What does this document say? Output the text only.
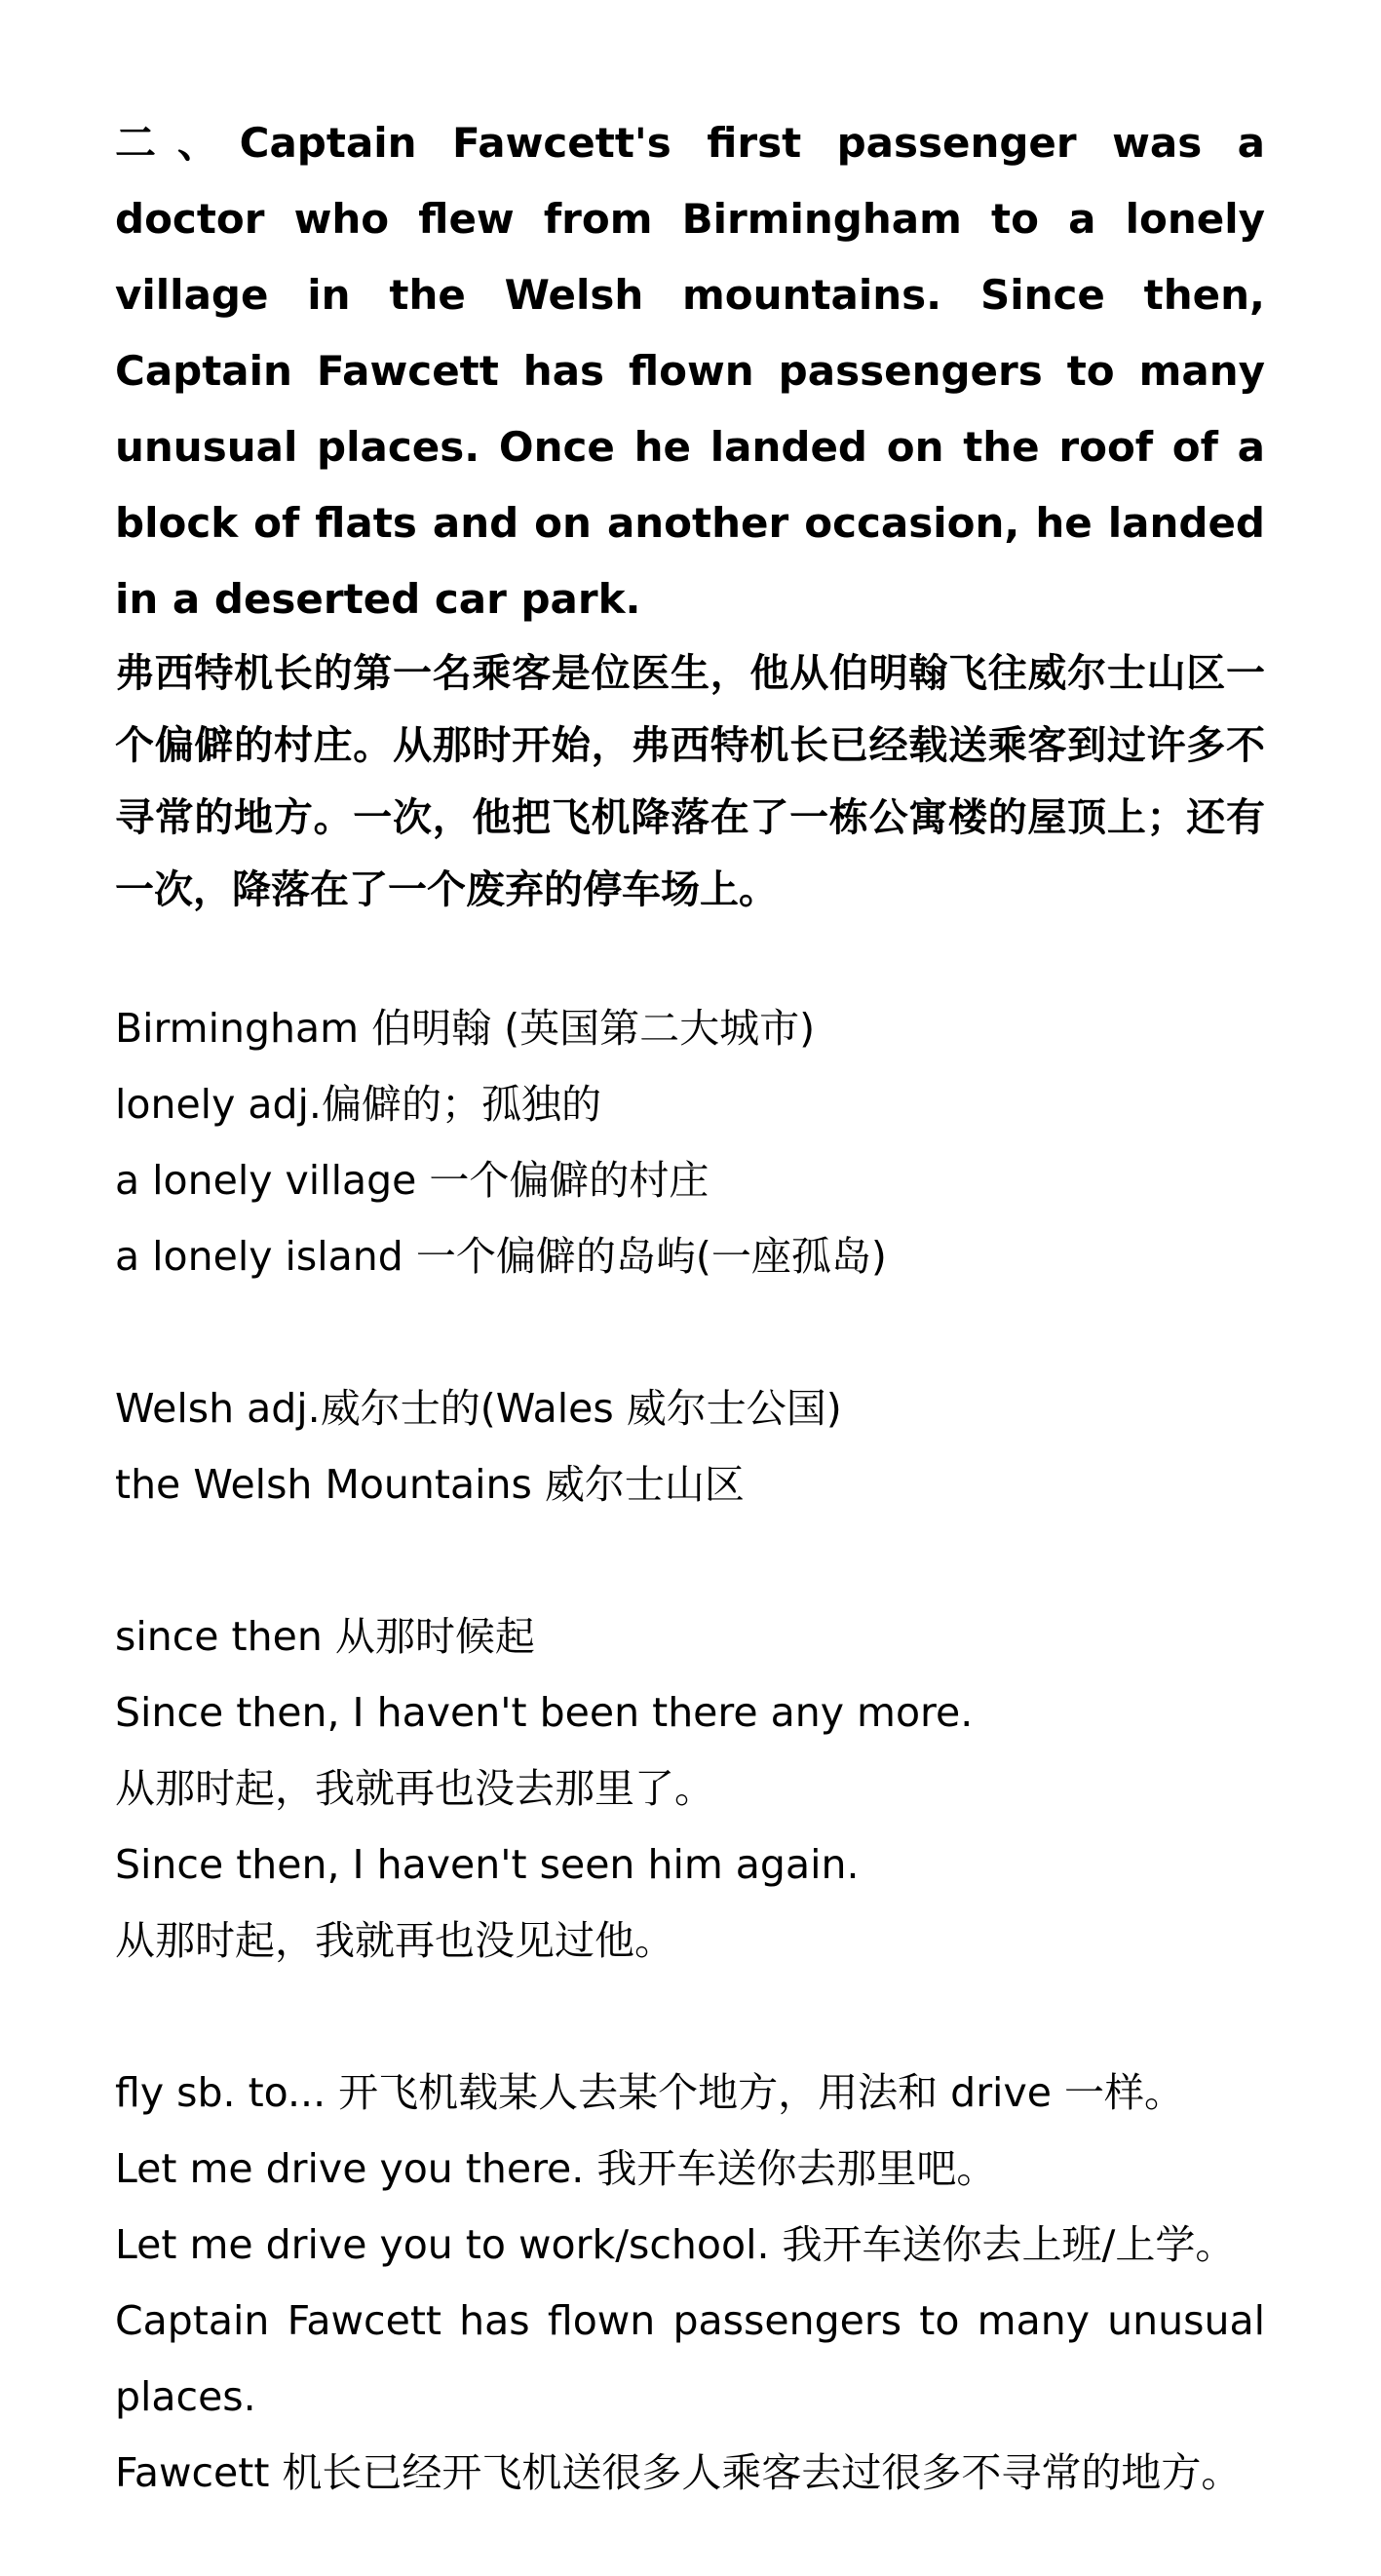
二、Captain Fawcett's first passenger was a doctor who flew from Birmingham to a lonely village in the Welsh mountains. Since then, Captain Fawcett has flown passengers to many unusual places. Once he landed on the roof of a block of flats and on another occasion, he landed in a deserted car park.

弗西特机长的第一名乘客是位医生，他从伯明翰飞往威尔士山区一个偏僻的村庄。从那时开始，弗西特机长已经载送乘客到过许多不寻常的地方。一次，他把飞机降落在了一栋公寓楼的屋顶上；还有一次，降落在了一个废弃的停车场上。

Birmingham 伯明翰 (英国第二大城市)

lonely adj.偏僻的；孤独的

a lonely village 一个偏僻的村庄

a lonely island 一个偏僻的岛屿(一座孤岛)

Welsh adj.威尔士的(Wales 威尔士公国)

the Welsh Mountains 威尔士山区

since then 从那时候起

Since then, I haven't been there any more.

从那时起，我就再也没去那里了。

Since then, I haven't seen him again.

从那时起，我就再也没见过他。

fly sb. to... 开飞机载某人去某个地方，用法和 drive 一样。

Let me drive you there. 我开车送你去那里吧。

Let me drive you to work/school. 我开车送你去上班/上学。

Captain Fawcett has flown passengers to many unusual places.

Fawcett 机长已经开飞机送很多人乘客去过很多不寻常的地方。
